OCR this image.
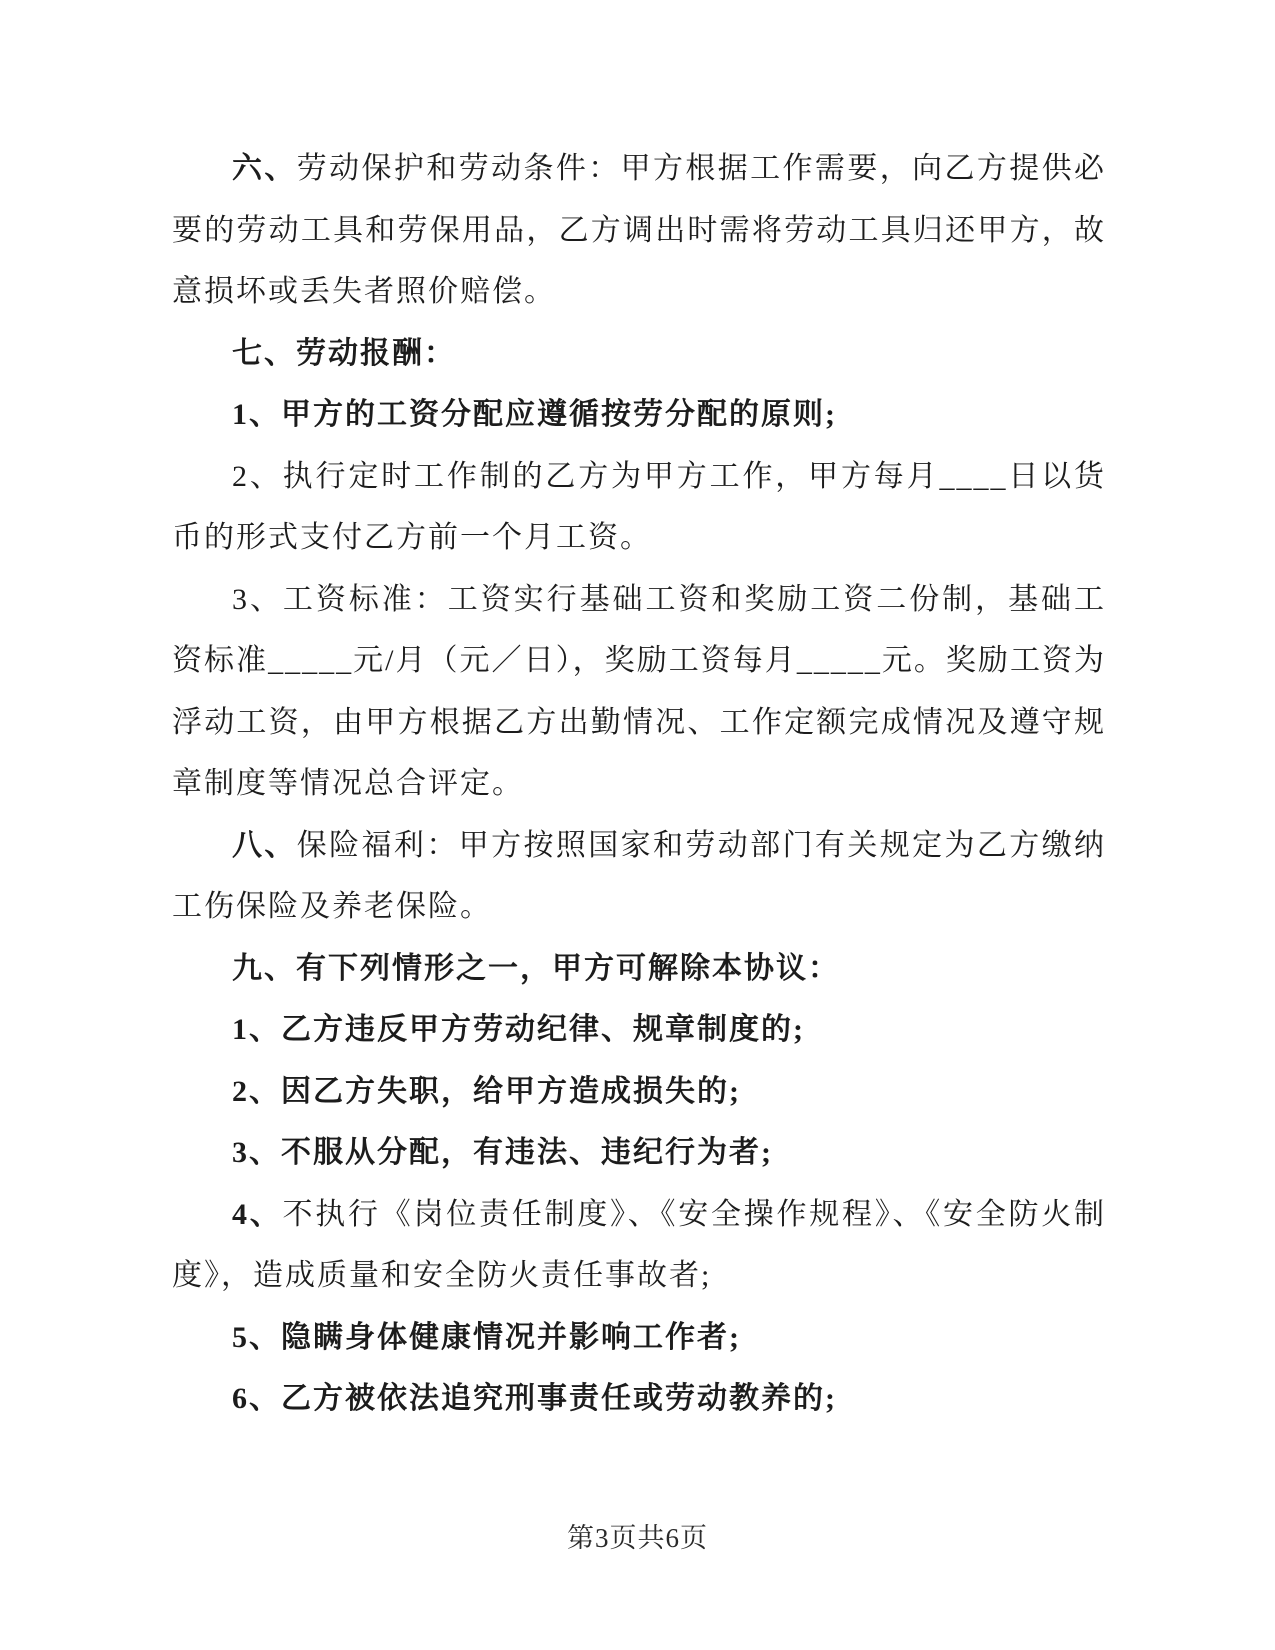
六、劳动保护和劳动条件：甲方根据工作需要，向乙方提供必要的劳动工具和劳保用品，乙方调出时需将劳动工具归还甲方，故意损坏或丢失者照价赔偿。

七、劳动报酬：

1、甲方的工资分配应遵循按劳分配的原则;

2、执行定时工作制的乙方为甲方工作，甲方每月____日以货币的形式支付乙方前一个月工资。

3、工资标准：工资实行基础工资和奖励工资二份制，基础工资标准_____元/月（元／日），奖励工资每月_____元。奖励工资为浮动工资，由甲方根据乙方出勤情况、工作定额完成情况及遵守规章制度等情况总合评定。

八、保险福利：甲方按照国家和劳动部门有关规定为乙方缴纳工伤保险及养老保险。

九、有下列情形之一，甲方可解除本协议：

1、乙方违反甲方劳动纪律、规章制度的;

2、因乙方失职，给甲方造成损失的;

3、不服从分配，有违法、违纪行为者;

4、不执行《岗位责任制度》、《安全操作规程》、《安全防火制度》，造成质量和安全防火责任事故者;

5、隐瞒身体健康情况并影响工作者;

6、乙方被依法追究刑事责任或劳动教养的;

第3页共6页
